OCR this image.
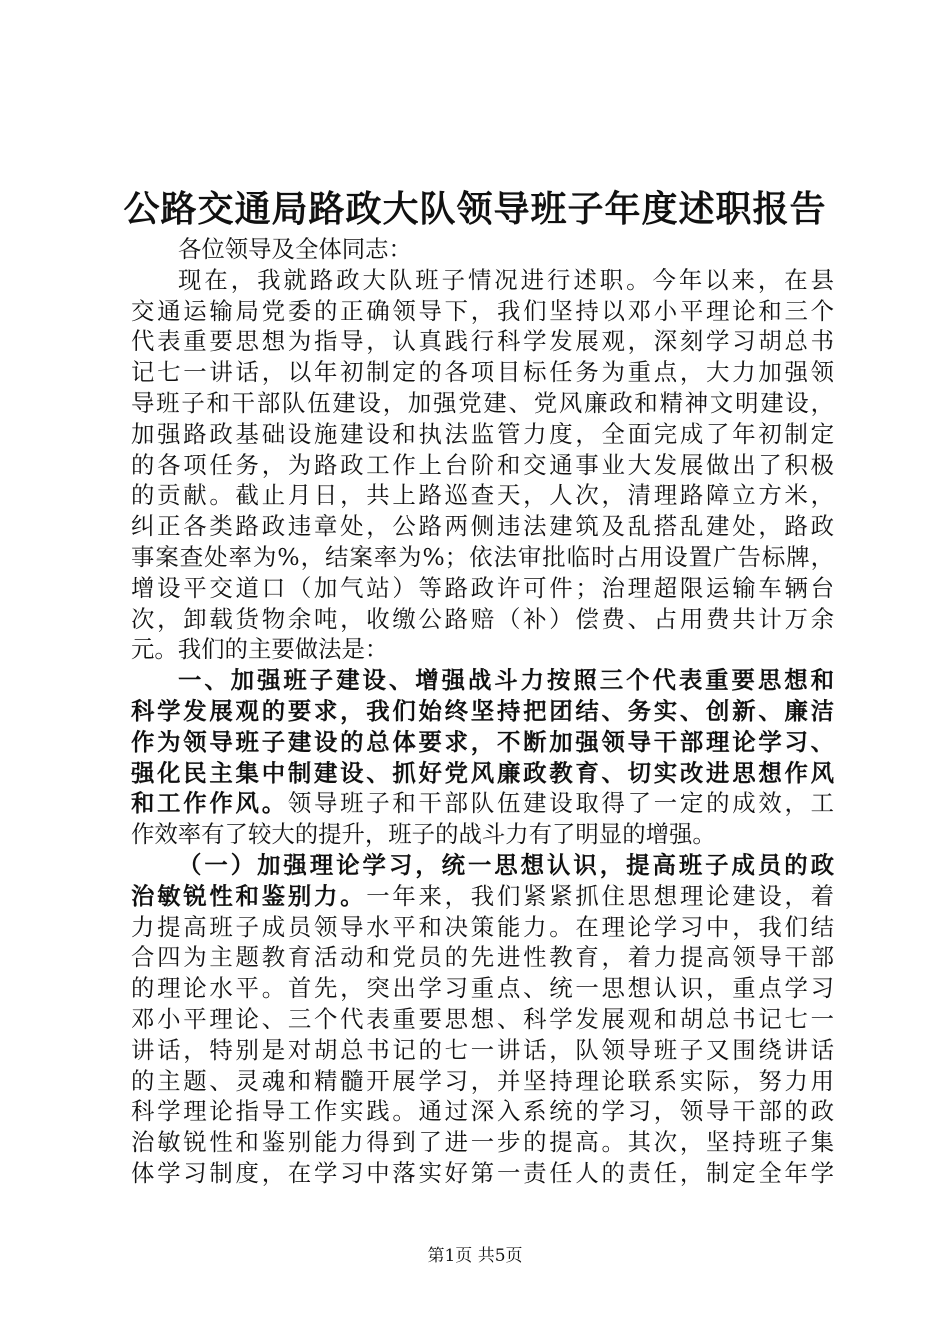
公路交通局路政大队领导班子年度述职报告
各位领导及全体同志：
现在，我就路政大队班子情况进行述职。今年以来，在县
交通运输局党委的正确领导下，我们坚持以邓小平理论和三个
代表重要思想为指导，认真践行科学发展观，深刻学习胡总书
记七一讲话，以年初制定的各项目标任务为重点，大力加强领
导班子和干部队伍建设，加强党建、党风廉政和精神文明建设，
加强路政基础设施建设和执法监管力度，全面完成了年初制定
的各项任务，为路政工作上台阶和交通事业大发展做出了积极
的贡献。截止月日，共上路巡查天，人次，清理路障立方米，
纠正各类路政违章处，公路两侧违法建筑及乱搭乱建处，路政
事案查处率为%，结案率为%；依法审批临时占用设置广告标牌，
增设平交道口（加气站）等路政许可件；治理超限运输车辆台
次，卸载货物余吨，收缴公路赔（补）偿费、占用费共计万余
元。我们的主要做法是：
一、加强班子建设、增强战斗力按照三个代表重要思想和
科学发展观的要求，我们始终坚持把团结、务实、创新、廉洁
作为领导班子建设的总体要求，不断加强领导干部理论学习、
强化民主集中制建设、抓好党风廉政教育、切实改进思想作风
和工作作风。领导班子和干部队伍建设取得了一定的成效，工
作效率有了较大的提升，班子的战斗力有了明显的增强。
（一）加强理论学习，统一思想认识，提高班子成员的政
治敏锐性和鉴别力。一年来，我们紧紧抓住思想理论建设，着
力提高班子成员领导水平和决策能力。在理论学习中，我们结
合四为主题教育活动和党员的先进性教育，着力提高领导干部
的理论水平。首先，突出学习重点、统一思想认识，重点学习
邓小平理论、三个代表重要思想、科学发展观和胡总书记七一
讲话，特别是对胡总书记的七一讲话，队领导班子又围绕讲话
的主题、灵魂和精髓开展学习，并坚持理论联系实际，努力用
科学理论指导工作实践。通过深入系统的学习，领导干部的政
治敏锐性和鉴别能力得到了进一步的提高。其次，坚持班子集
体学习制度，在学习中落实好第一责任人的责任，制定全年学
第1页 共5页
